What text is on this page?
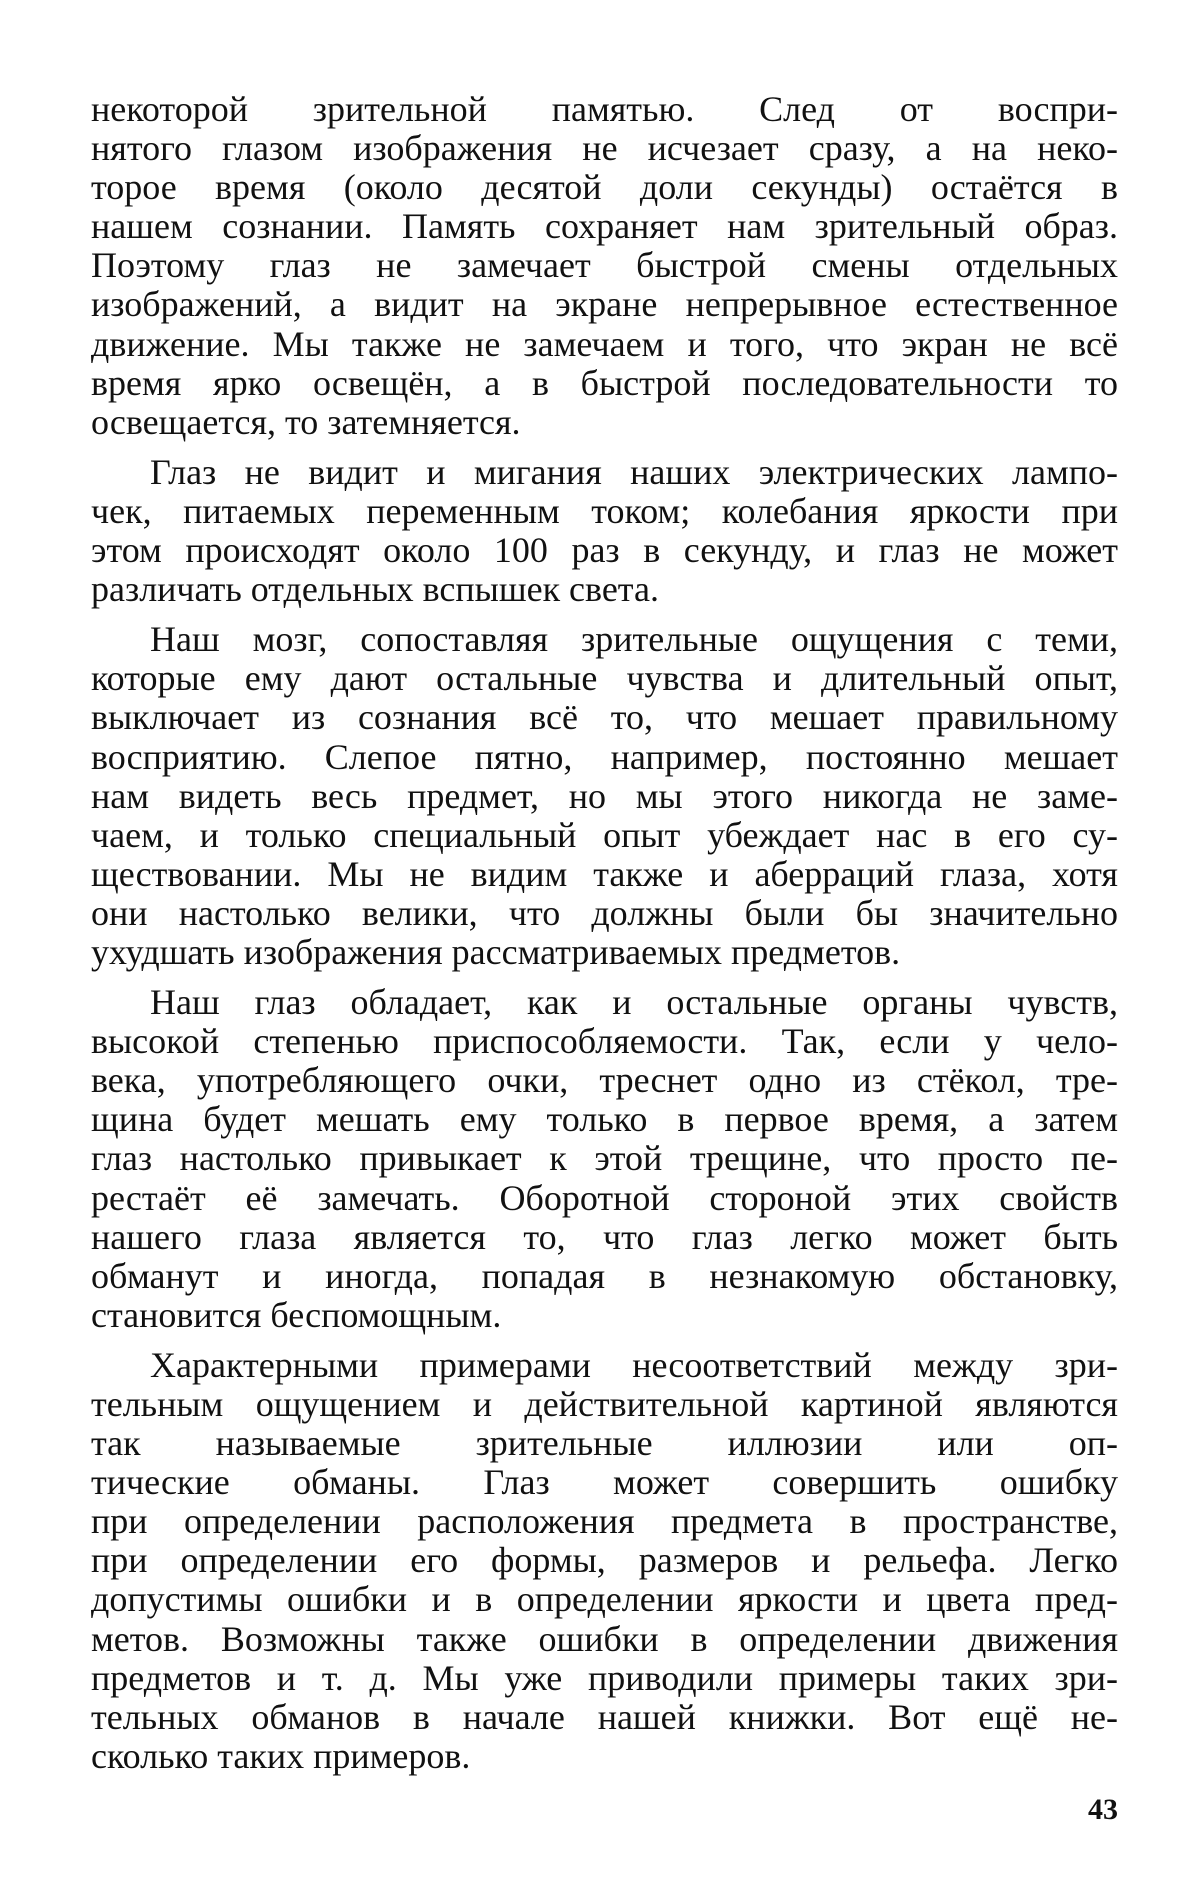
некоторой зрительной памятью. След от воспри-
нятого глазом изображения не исчезает сразу, а на неко-
торое время (около десятой доли секунды) остаётся в
нашем сознании. Память сохраняет нам зрительный образ.
Поэтому глаз не замечает быстрой смены отдельных
изображений, а видит на экране непрерывное естественное
движение. Мы также не замечаем и того, что экран не всё
время ярко освещён, а в быстрой последовательности то
освещается, то затемняется.
Глаз не видит и мигания наших электрических лампо-
чек, питаемых переменным током; колебания яркости при
этом происходят около 100 раз в секунду, и глаз не может
различать отдельных вспышек света.
Наш мозг, сопоставляя зрительные ощущения с теми,
которые ему дают остальные чувства и длительный опыт,
выключает из сознания всё то, что мешает правильному
восприятию. Слепое пятно, например, постоянно мешает
нам видеть весь предмет, но мы этого никогда не заме-
чаем, и только специальный опыт убеждает нас в его су-
ществовании. Мы не видим также и аберраций глаза, хотя
они настолько велики, что должны были бы значительно
ухудшать изображения рассматриваемых предметов.
Наш глаз обладает, как и остальные органы чувств,
высокой степенью приспособляемости. Так, если у чело-
века, употребляющего очки, треснет одно из стёкол, тре-
щина будет мешать ему только в первое время, а затем
глаз настолько привыкает к этой трещине, что просто пе-
рестаёт её замечать. Оборотной стороной этих свойств
нашего глаза является то, что глаз легко может быть
обманут и иногда, попадая в незнакомую обстановку,
становится беспомощным.
Характерными примерами несоответствий между зри-
тельным ощущением и действительной картиной являются
так называемые зрительные иллюзии или оп-
тические обманы. Глаз может совершить ошибку
при определении расположения предмета в пространстве,
при определении его формы, размеров и рельефа. Легко
допустимы ошибки и в определении яркости и цвета пред-
метов. Возможны также ошибки в определении движения
предметов и т. д. Мы уже приводили примеры таких зри-
тельных обманов в начале нашей книжки. Вот ещё не-
сколько таких примеров.
43
